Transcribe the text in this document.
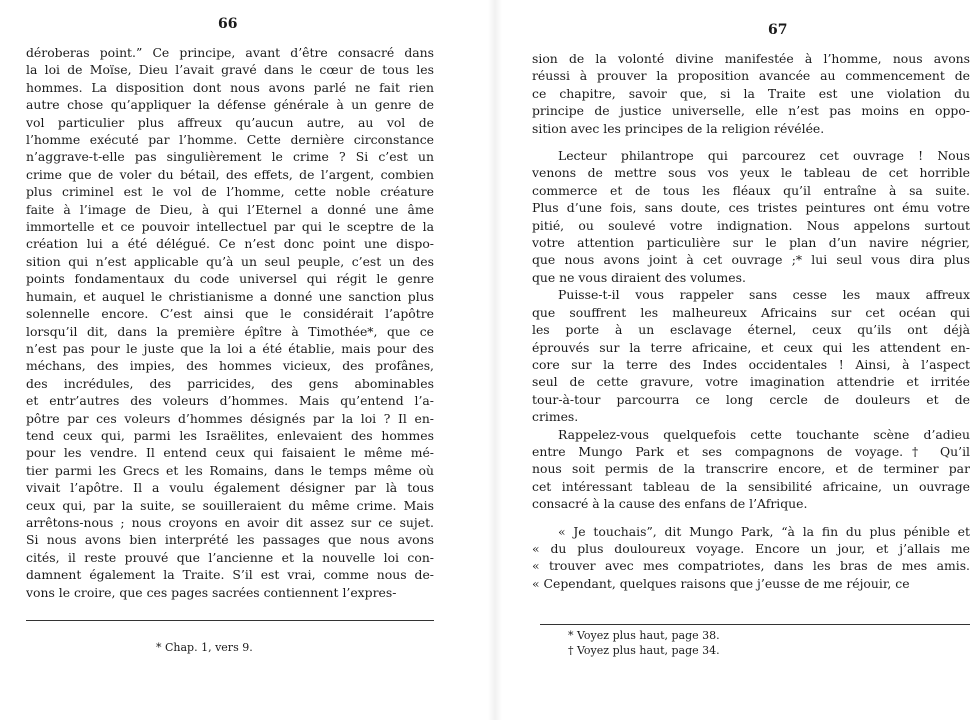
66
déroberas point.” Ce principe, avant d’être consacré dans
la loi de Moïse, Dieu l’avait gravé dans le cœur de tous les
hommes. La disposition dont nous avons parlé ne fait rien
autre chose qu’appliquer la défense générale à un genre de
vol particulier plus affreux qu’aucun autre, au vol de
l’homme exécuté par l’homme. Cette dernière circonstance
n’aggrave-t-elle pas singulièrement le crime ? Si c’est un
crime que de voler du bétail, des effets, de l’argent, combien
plus criminel est le vol de l’homme, cette noble créature
faite à l’image de Dieu, à qui l’Eternel a donné une âme
immortelle et ce pouvoir intellectuel par qui le sceptre de la
création lui a été délégué. Ce n’est donc point une dispo-
sition qui n’est applicable qu’à un seul peuple, c’est un des
points fondamentaux du code universel qui régit le genre
humain, et auquel le christianisme a donné une sanction plus
solennelle encore. C’est ainsi que le considérait l’apôtre
lorsqu’il dit, dans la première épître à Timothée*, que ce
n’est pas pour le juste que la loi a été établie, mais pour des
méchans, des impies, des hommes vicieux, des profânes,
des incrédules, des parricides, des gens abominables
et entr’autres des voleurs d’hommes. Mais qu’entend l’a-
pôtre par ces voleurs d’hommes désignés par la loi ? Il en-
tend ceux qui, parmi les Israëlites, enlevaient des hommes
pour les vendre. Il entend ceux qui faisaient le même mé-
tier parmi les Grecs et les Romains, dans le temps même où
vivait l’apôtre. Il a voulu également désigner par là tous
ceux qui, par la suite, se souilleraient du même crime. Mais
arrêtons-nous ; nous croyons en avoir dit assez sur ce sujet.
Si nous avons bien interprété les passages que nous avons
cités, il reste prouvé que l’ancienne et la nouvelle loi con-
damnent également la Traite. S’il est vrai, comme nous de-
vons le croire, que ces pages sacrées contiennent l’expres-
* Chap. 1, vers 9.
67
sion de la volonté divine manifestée à l’homme, nous avons
réussi à prouver la proposition avancée au commencement de
ce chapitre, savoir que, si la Traite est une violation du
principe de justice universelle, elle n’est pas moins en oppo-
sition avec les principes de la religion révélée.
Lecteur philantrope qui parcourez cet ouvrage ! Nous
venons de mettre sous vos yeux le tableau de cet horrible
commerce et de tous les fléaux qu’il entraîne à sa suite.
Plus d’une fois, sans doute, ces tristes peintures ont ému votre
pitié, ou soulevé votre indignation. Nous appelons surtout
votre attention particulière sur le plan d’un navire négrier,
que nous avons joint à cet ouvrage ;* lui seul vous dira plus
que ne vous diraient des volumes.
Puisse-t-il vous rappeler sans cesse les maux affreux
que souffrent les malheureux Africains sur cet océan qui
les porte à un esclavage éternel, ceux qu’ils ont déjà
éprouvés sur la terre africaine, et ceux qui les attendent en-
core sur la terre des Indes occidentales ! Ainsi, à l’aspect
seul de cette gravure, votre imagination attendrie et irritée
tour-à-tour parcourra ce long cercle de douleurs et de
crimes.
Rappelez-vous quelquefois cette touchante scène d’adieu
entre Mungo Park et ses compagnons de voyage.† Qu’il
nous soit permis de la transcrire encore, et de terminer par
cet intéressant tableau de la sensibilité africaine, un ouvrage
consacré à la cause des enfans de l’Afrique.
« Je touchais”, dit Mungo Park, “à la fin du plus pénible et
« du plus douloureux voyage. Encore un jour, et j’allais me
« trouver avec mes compatriotes, dans les bras de mes amis.
« Cependant, quelques raisons que j’eusse de me réjouir, ce
* Voyez plus haut, page 38.
† Voyez plus haut, page 34.
